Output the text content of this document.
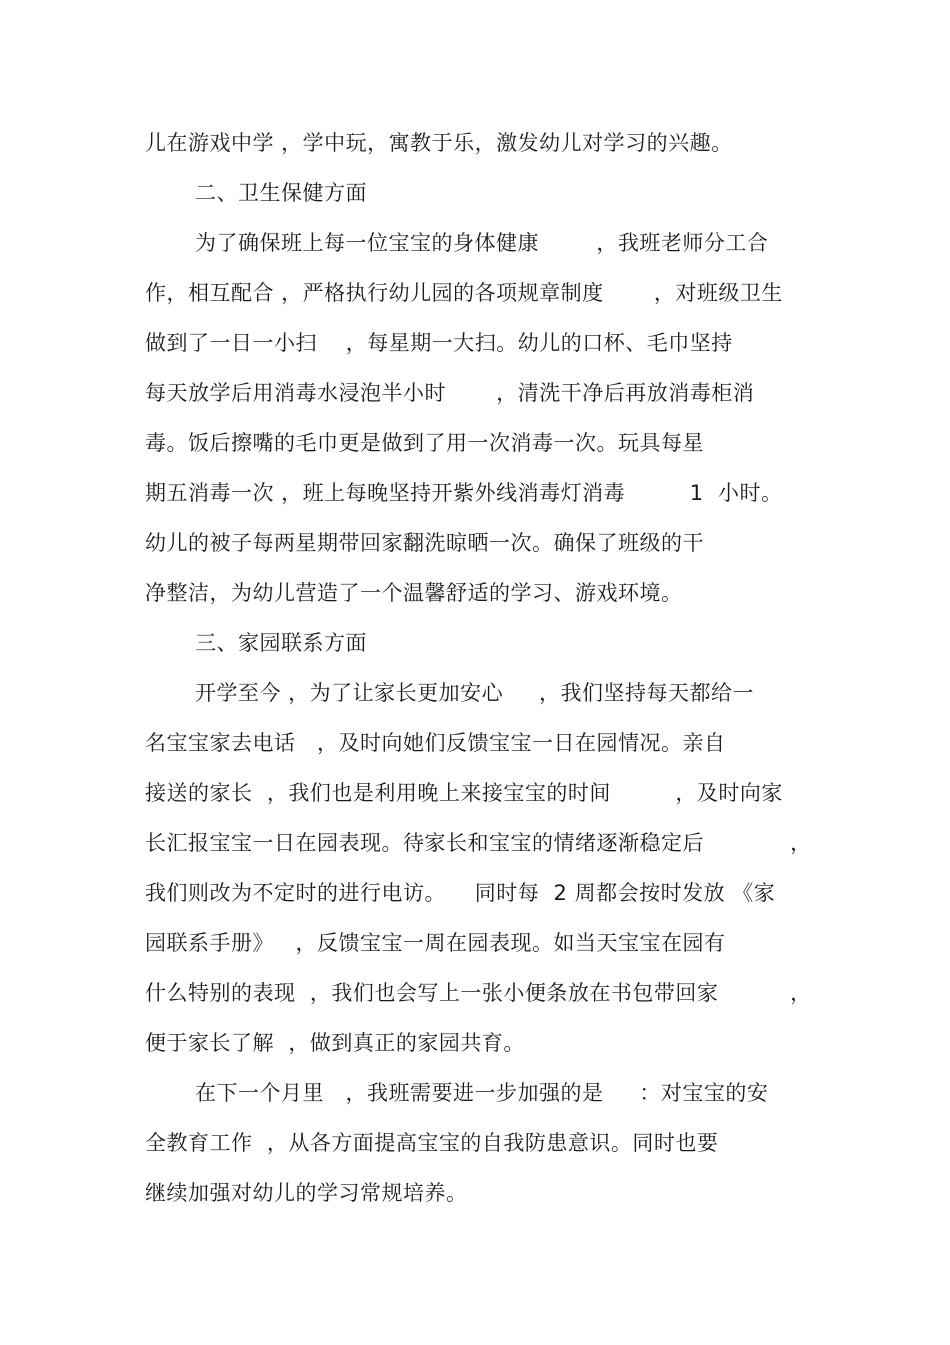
儿在游戏中学 ，学中玩，寓教于乐，激发幼儿对学习的兴趣。
二、卫生保健方面
为了确保班上每一位宝宝的身体健康        ，我班老师分工合
作，相互配合 ，严格执行幼儿园的各项规章制度       ，对班级卫生
做到了一日一小扫    ，每星期一大扫。幼儿的口杯、毛巾坚持
每天放学后用消毒水浸泡半小时       ，清洗干净后再放消毒柜消
毒。饭后擦嘴的毛巾更是做到了用一次消毒一次。玩具每星
期五消毒一次 ，班上每晚坚持开紫外线消毒灯消毒         1  小时。
幼儿的被子每两星期带回家翻洗晾晒一次。确保了班级的干
净整洁，为幼儿营造了一个温馨舒适的学习、游戏环境。
三、家园联系方面
开学至今 ，为了让家长更加安心     ，我们坚持每天都给一
名宝宝家去电话   ，及时向她们反馈宝宝一日在园情况。亲自
接送的家长  ，我们也是利用晚上来接宝宝的时间         ，及时向家
长汇报宝宝一日在园表现。待家长和宝宝的情绪逐渐稳定后            ，
我们则改为不定时的进行电访。    同时每  2 周都会按时发放 《家
园联系手册》   ，反馈宝宝一周在园表现。如当天宝宝在园有
什么特别的表现  ，我们也会写上一张小便条放在书包带回家          ，
便于家长了解  ，做到真正的家园共育。
在下一个月里   ，我班需要进一步加强的是     ：对宝宝的安
全教育工作  ，从各方面提高宝宝的自我防患意识。同时也要
继续加强对幼儿的学习常规培养。
